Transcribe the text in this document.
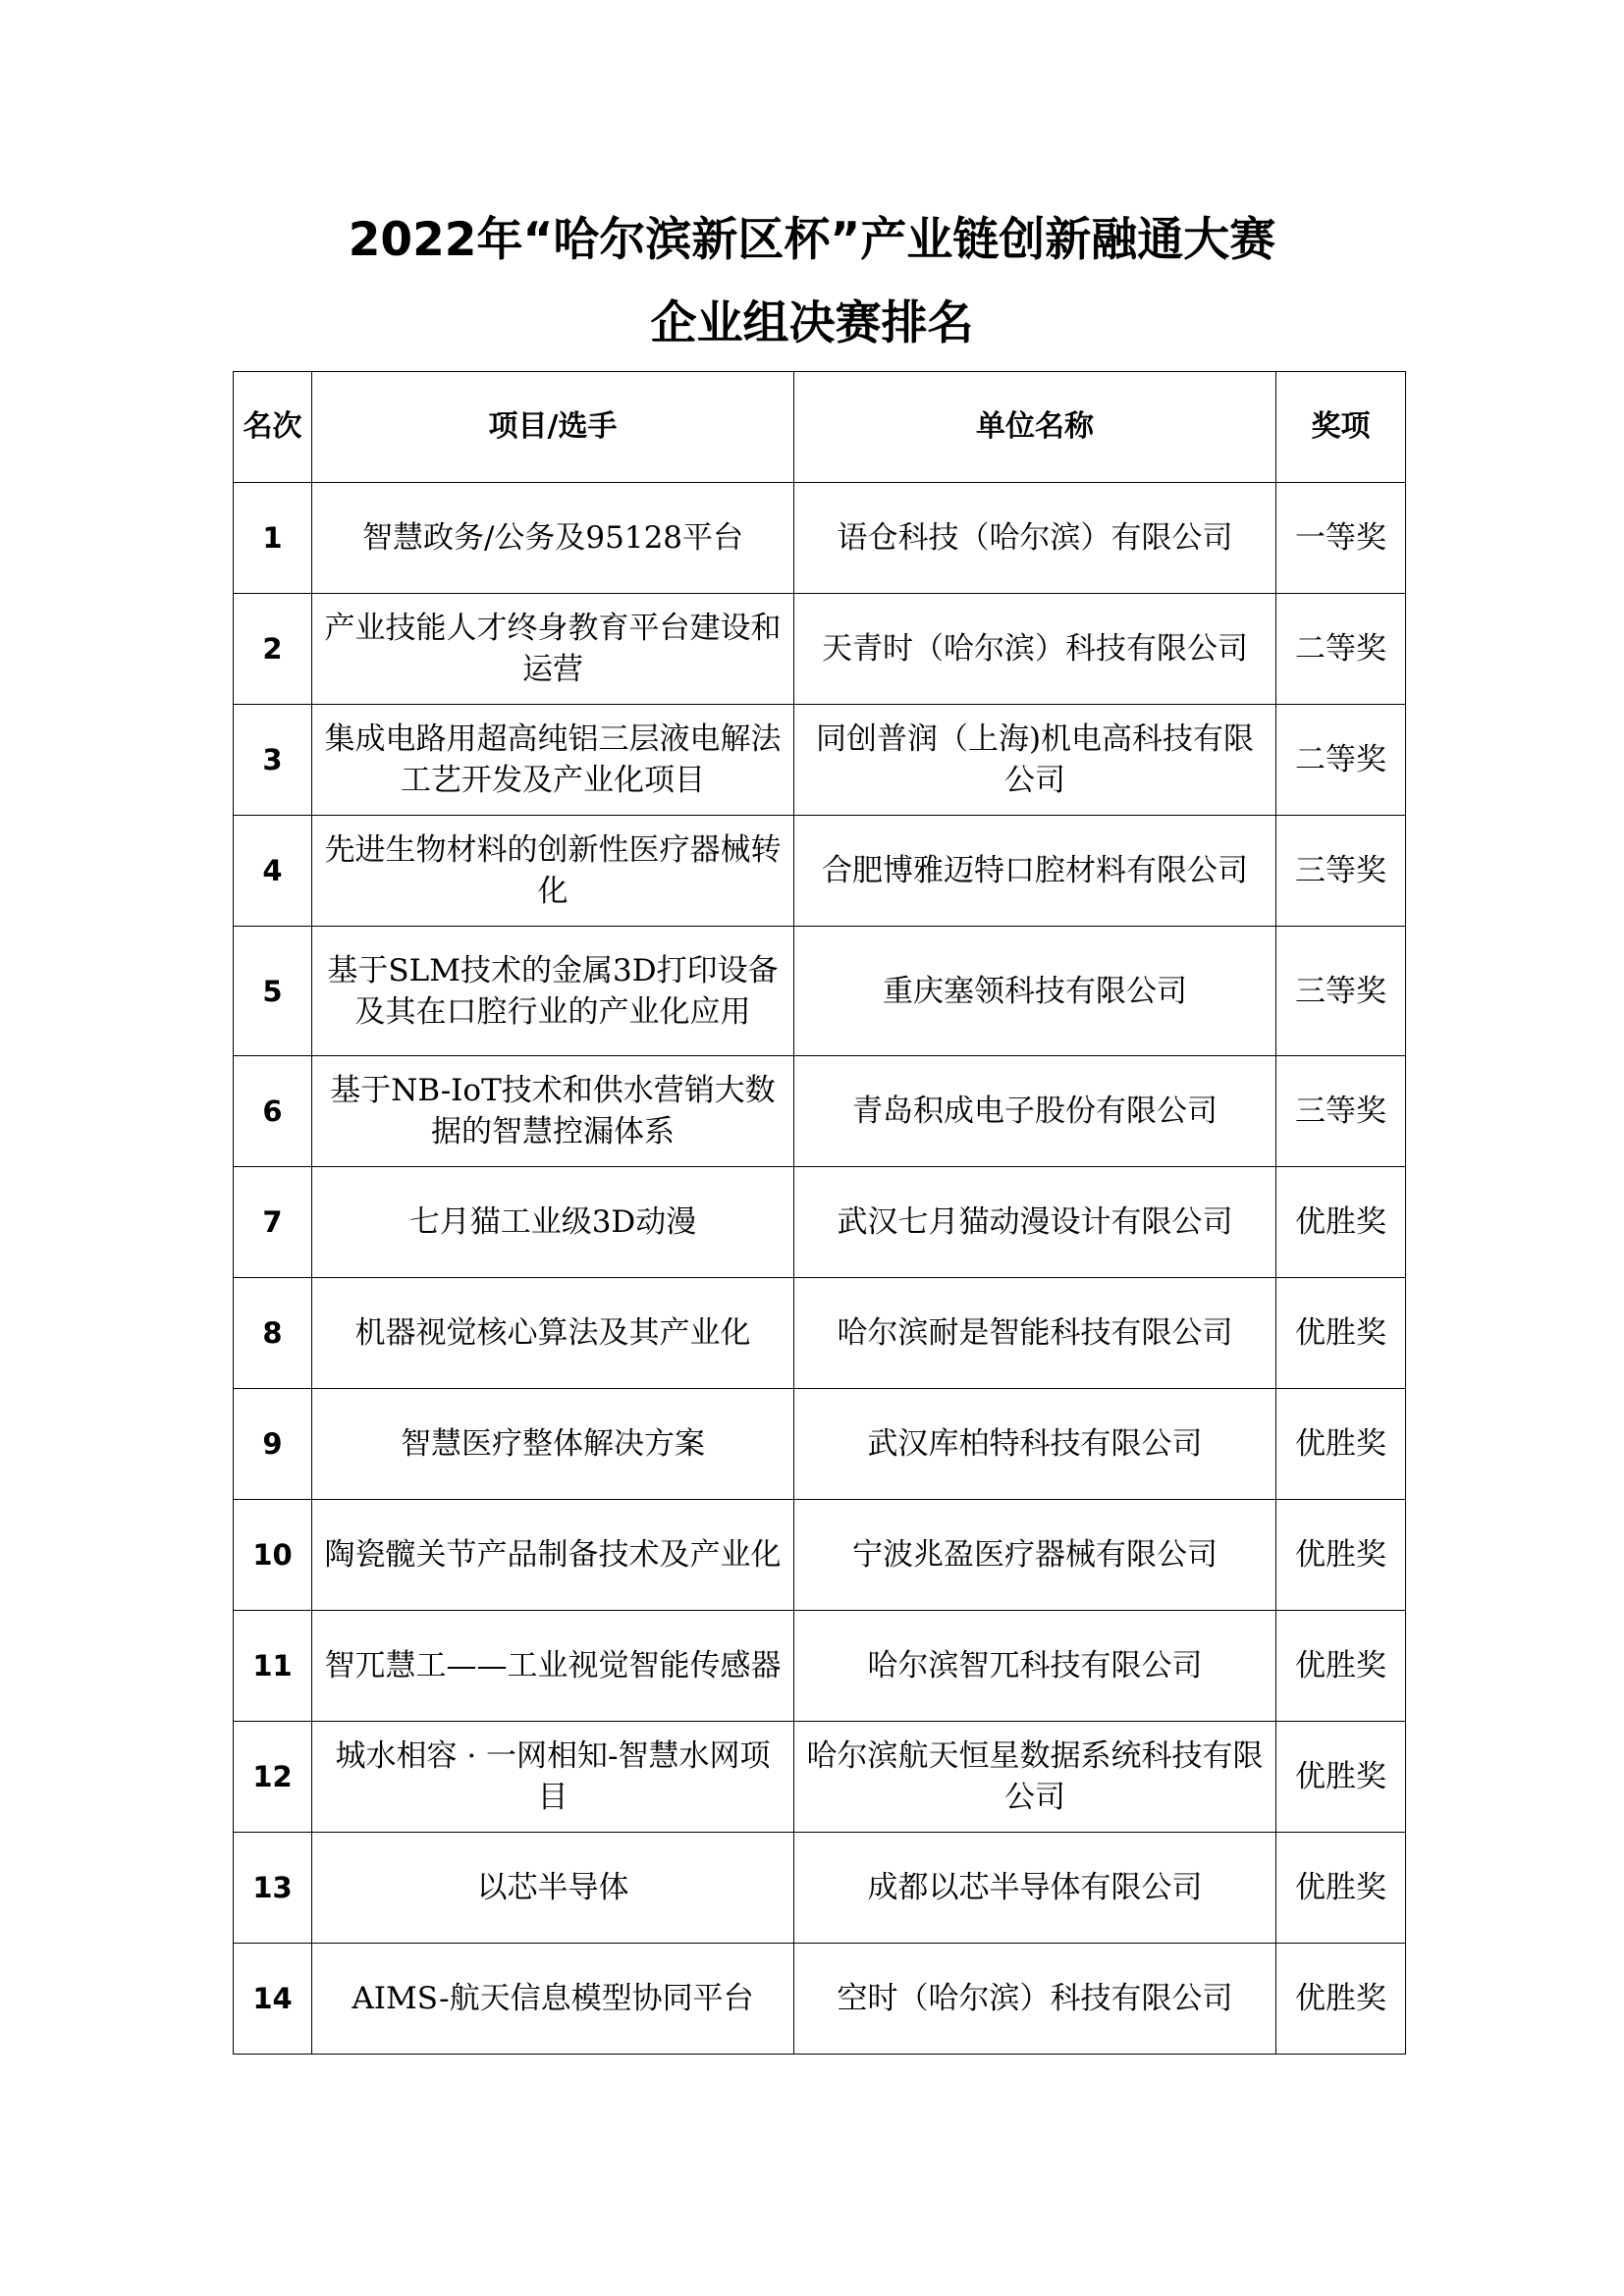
2022年“哈尔滨新区杯”产业链创新融通大赛
企业组决赛排名
名次	项目/选手	单位名称	奖项
1	智慧政务/公务及95128平台	语仓科技（哈尔滨）有限公司	一等奖
2	产业技能人才终身教育平台建设和运营	天青时（哈尔滨）科技有限公司	二等奖
3	集成电路用超高纯铝三层液电解法工艺开发及产业化项目	同创普润（上海)机电高科技有限公司	二等奖
4	先进生物材料的创新性医疗器械转化	合肥博雅迈特口腔材料有限公司	三等奖
5	基于SLM技术的金属3D打印设备及其在口腔行业的产业化应用	重庆塞领科技有限公司	三等奖
6	基于NB-IoT技术和供水营销大数据的智慧控漏体系	青岛积成电子股份有限公司	三等奖
7	七月猫工业级3D动漫	武汉七月猫动漫设计有限公司	优胜奖
8	机器视觉核心算法及其产业化	哈尔滨耐是智能科技有限公司	优胜奖
9	智慧医疗整体解决方案	武汉库柏特科技有限公司	优胜奖
10	陶瓷髋关节产品制备技术及产业化	宁波兆盈医疗器械有限公司	优胜奖
11	智兀慧工——工业视觉智能传感器	哈尔滨智兀科技有限公司	优胜奖
12	城水相容 · 一网相知-智慧水网项目	哈尔滨航天恒星数据系统科技有限公司	优胜奖
13	以芯半导体	成都以芯半导体有限公司	优胜奖
14	AIMS-航天信息模型协同平台	空时（哈尔滨）科技有限公司	优胜奖
